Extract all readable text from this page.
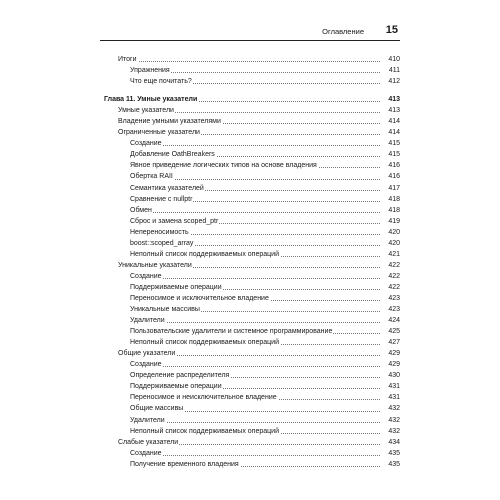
Оглавление 15
Итоги	410
Упражнения	411
Что еще почитать?	412
Глава 11. Умные указатели	413
Умные указатели	413
Владение умными указателями	414
Ограниченные указатели	414
Создание	415
Добавление OathBreakers	415
Явное приведение логических типов на основе владения	416
Обертка RAII	416
Семантика указателей	417
Сравнение с nullptr	418
Обмен	418
Сброс и замена scoped_ptr	419
Непереносимость	420
boost::scoped_array	420
Неполный список поддерживаемых операций	421
Уникальные указатели	422
Создание	422
Поддерживаемые операции	422
Переносимое и исключительное владение	423
Уникальные массивы	423
Удалители	424
Пользовательские удалители и системное программирование	425
Неполный список поддерживаемых операций	427
Общие указатели	429
Создание	429
Определение распределителя	430
Поддерживаемые операции	431
Переносимое и неисключительное владение	431
Общие массивы	432
Удалители	432
Неполный список поддерживаемых операций	432
Слабые указатели	434
Создание	435
Получение временного владения	435
